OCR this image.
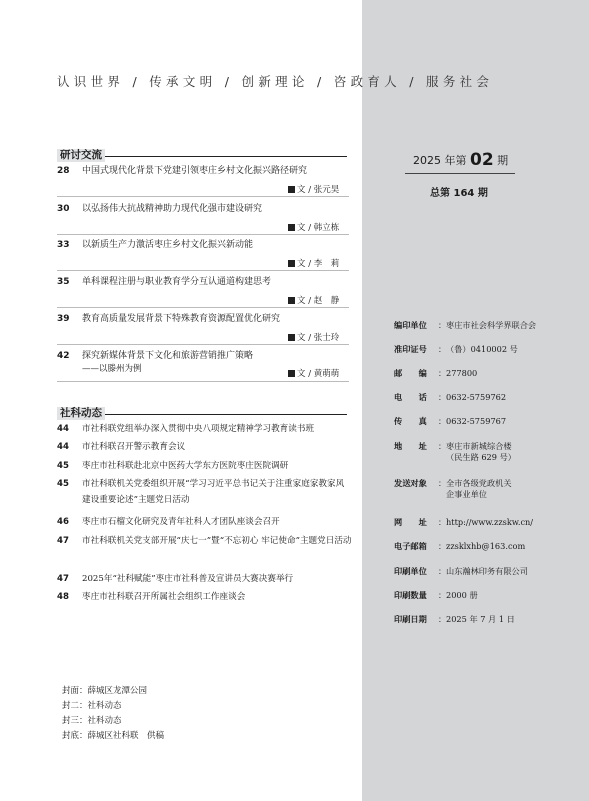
认识世界 / 传承文明 / 创新理论 / 咨政育人 / 服务社会
研讨交流
28	中国式现代化背景下党建引领枣庄乡村文化振兴路径研究
文 / 张元昊
30	以弘扬伟大抗战精神助力现代化强市建设研究
文 / 韩立栋
33	以新质生产力激活枣庄乡村文化振兴新动能
文 / 李　莉
35	单科课程注册与职业教育学分互认通道构建思考
文 / 赵　静
39	教育高质量发展背景下特殊教育资源配置优化研究
文 / 张士玲
42	探究新媒体背景下文化和旅游营销推广策略
——以滕州为例	文 / 黄萌萌
社科动态
44	市社科联党组举办深入贯彻中央八项规定精神学习教育读书班
44	市社科联召开警示教育会议
45	枣庄市社科联赴北京中医药大学东方医院枣庄医院调研
45	市社科联机关党委组织开展“学习习近平总书记关于注重家庭家教家风建设重要论述”主题党日活动
46	枣庄市石榴文化研究及青年社科人才团队座谈会召开
47	市社科联机关党支部开展“庆七一”暨“不忘初心 牢记使命”主题党日活动
47	2025年“社科赋能”枣庄市社科普及宣讲员大赛决赛举行
48	枣庄市社科联召开所属社会组织工作座谈会
2025 年第 02 期
总第 164 期
编印单位 ：枣庄市社会科学界联合会
准印证号 ：（鲁）0410002 号
邮　　编 ：277800
电　　话 ：0632-5759762
传　　真 ：0632-5759767
地　　址 ：枣庄市新城综合楼
（民生路 629 号）
发送对象 ：全市各级党政机关
企事业单位
网　　址 ：http://www.zzskw.cn/
电子邮箱 ：zzsklxhb@163.com
印刷单位 ：山东瀚林印务有限公司
印刷数量 ：2000 册
印刷日期 ：2025 年 7 月 1 日
封面：薛城区龙潭公园
封二：社科动态
封三：社科动态
封底：薛城区社科联　供稿
